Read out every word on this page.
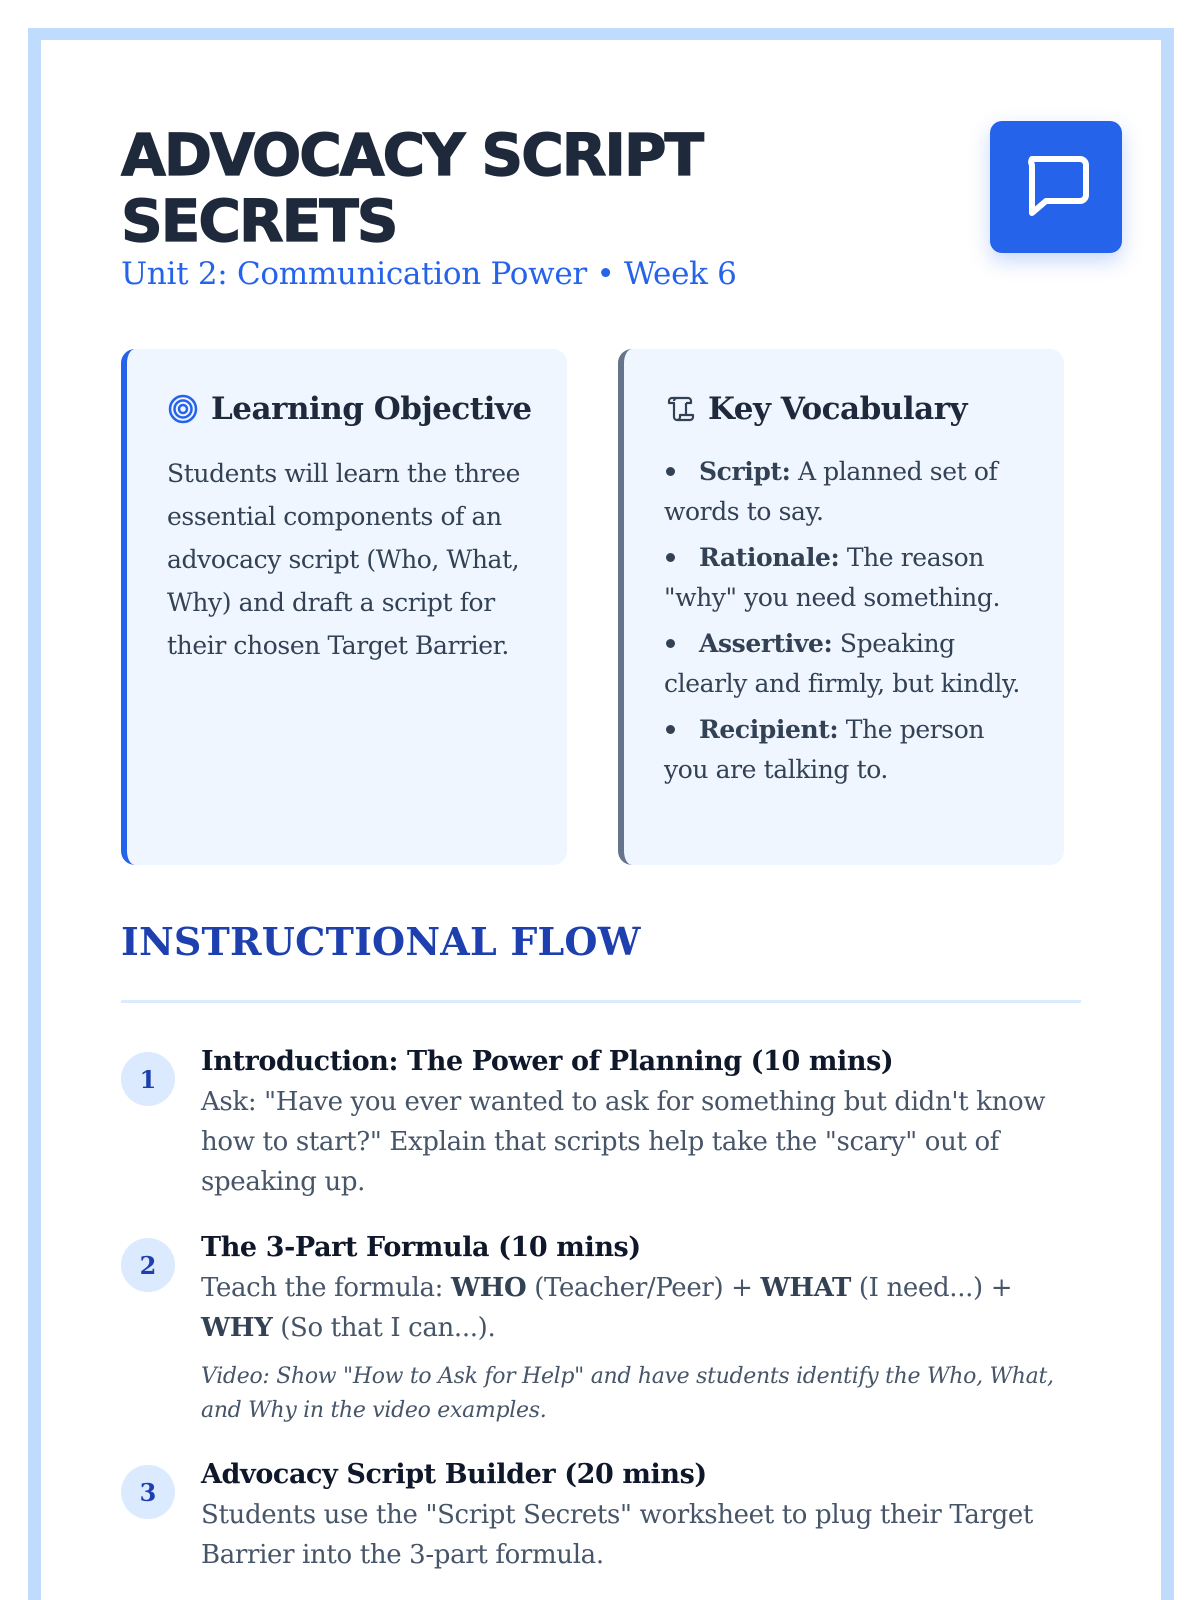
ADVOCACY SCRIPT SECRETS

Unit 2: Communication Power • Week 6

Learning Objective

Students will learn the three essential components of an advocacy script (Who, What, Why) and draft a script for their chosen Target Barrier.

Key Vocabulary
Script: A planned set of words to say.
Rationale: The reason "why" you need something.
Assertive: Speaking clearly and firmly, but kindly.
Recipient: The person you are talking to.
INSTRUCTIONAL FLOW
1

Introduction: The Power of Planning (10 mins)

Ask: "Have you ever wanted to ask for something but didn't know how to start?" Explain that scripts help take the "scary" out of speaking up.

2

The 3-Part Formula (10 mins)

Teach the formula: WHO (Teacher/Peer) + WHAT (I need...) + WHY (So that I can...).

Video: Show "How to Ask for Help" and have students identify the Who, What, and Why in the video examples.

3

Advocacy Script Builder (20 mins)

Students use the "Script Secrets" worksheet to plug their Target Barrier into the 3-part formula.
